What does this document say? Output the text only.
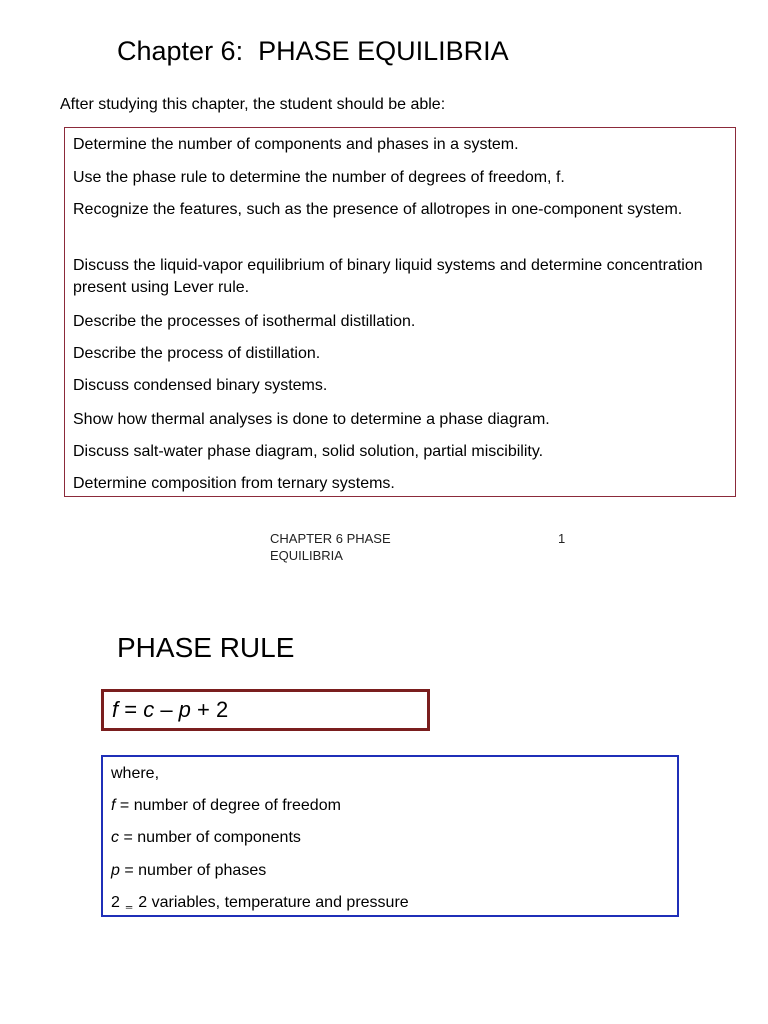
Chapter 6:  PHASE EQUILIBRIA
After studying this chapter, the student should be able:
Determine the number of components and phases in a system.
Use the phase rule to determine the number of degrees of freedom, f.
Recognize the features, such as the presence of allotropes in one-component system.
Discuss the liquid-vapor equilibrium of binary liquid systems and determine concentration present using Lever rule.
Describe the processes of isothermal distillation.
Describe the process of distillation.
Discuss condensed binary systems.
Show how thermal analyses is done to determine a phase diagram.
Discuss salt-water phase diagram, solid solution, partial miscibility.
Determine composition from ternary systems.
CHAPTER 6 PHASE EQUILIBRIA
1
PHASE RULE
f = c – p + 2
where,
f = number of degree of freedom
c = number of components
p = number of phases
2 ═ 2 variables, temperature and pressure
